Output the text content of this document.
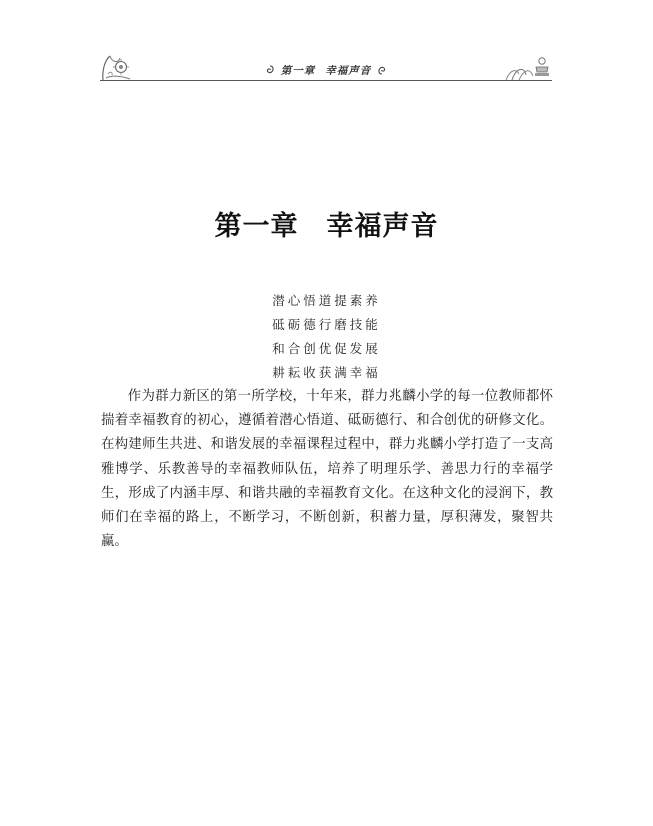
第一章 幸福声音
第一章 幸福声音
潜心悟道提素养
砥砺德行磨技能
和合创优促发展
耕耘收获满幸福

作为群力新区的第一所学校，十年来，群力兆麟小学的每一位教师都怀揣着幸福教育的初心，遵循着潜心悟道、砥砺德行、和合创优的研修文化。在构建师生共进、和谐发展的幸福课程过程中，群力兆麟小学打造了一支高雅博学、乐教善导的幸福教师队伍，培养了明理乐学、善思力行的幸福学生，形成了内涵丰厚、和谐共融的幸福教育文化。在这种文化的浸润下，教师们在幸福的路上，不断学习，不断创新，积蓄力量，厚积薄发，聚智共赢。
